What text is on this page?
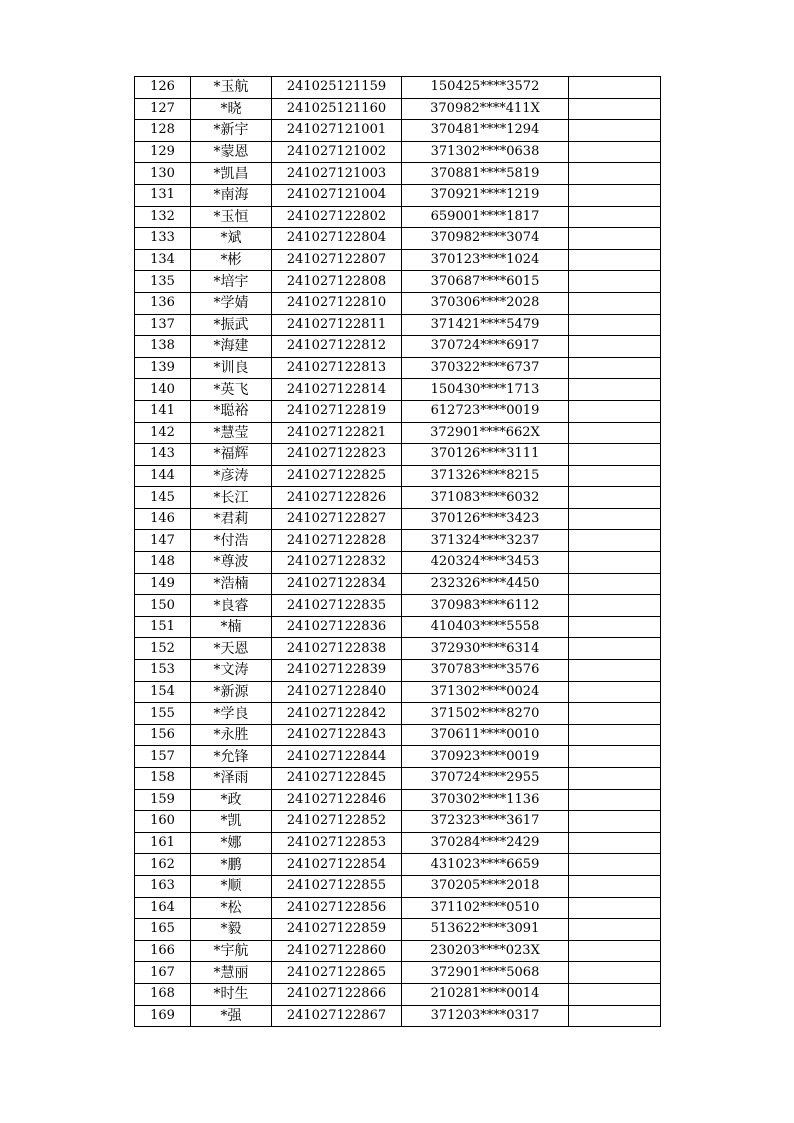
126	*玉航	241025121159	150425****3572	
127	*晓	241025121160	370982****411X	
128	*新宇	241027121001	370481****1294	
129	*蒙恩	241027121002	371302****0638	
130	*凯昌	241027121003	370881****5819	
131	*南海	241027121004	370921****1219	
132	*玉恒	241027122802	659001****1817	
133	*斌	241027122804	370982****3074	
134	*彬	241027122807	370123****1024	
135	*培宇	241027122808	370687****6015	
136	*学婧	241027122810	370306****2028	
137	*振武	241027122811	371421****5479	
138	*海建	241027122812	370724****6917	
139	*训良	241027122813	370322****6737	
140	*英飞	241027122814	150430****1713	
141	*聪裕	241027122819	612723****0019	
142	*慧莹	241027122821	372901****662X	
143	*福辉	241027122823	370126****3111	
144	*彦涛	241027122825	371326****8215	
145	*长江	241027122826	371083****6032	
146	*君莉	241027122827	370126****3423	
147	*付浩	241027122828	371324****3237	
148	*尊波	241027122832	420324****3453	
149	*浩楠	241027122834	232326****4450	
150	*良睿	241027122835	370983****6112	
151	*楠	241027122836	410403****5558	
152	*天恩	241027122838	372930****6314	
153	*文涛	241027122839	370783****3576	
154	*新源	241027122840	371302****0024	
155	*学良	241027122842	371502****8270	
156	*永胜	241027122843	370611****0010	
157	*允锋	241027122844	370923****0019	
158	*泽雨	241027122845	370724****2955	
159	*政	241027122846	370302****1136	
160	*凯	241027122852	372323****3617	
161	*娜	241027122853	370284****2429	
162	*鹏	241027122854	431023****6659	
163	*顺	241027122855	370205****2018	
164	*松	241027122856	371102****0510	
165	*毅	241027122859	513622****3091	
166	*宇航	241027122860	230203****023X	
167	*慧丽	241027122865	372901****5068	
168	*时生	241027122866	210281****0014	
169	*强	241027122867	371203****0317	
